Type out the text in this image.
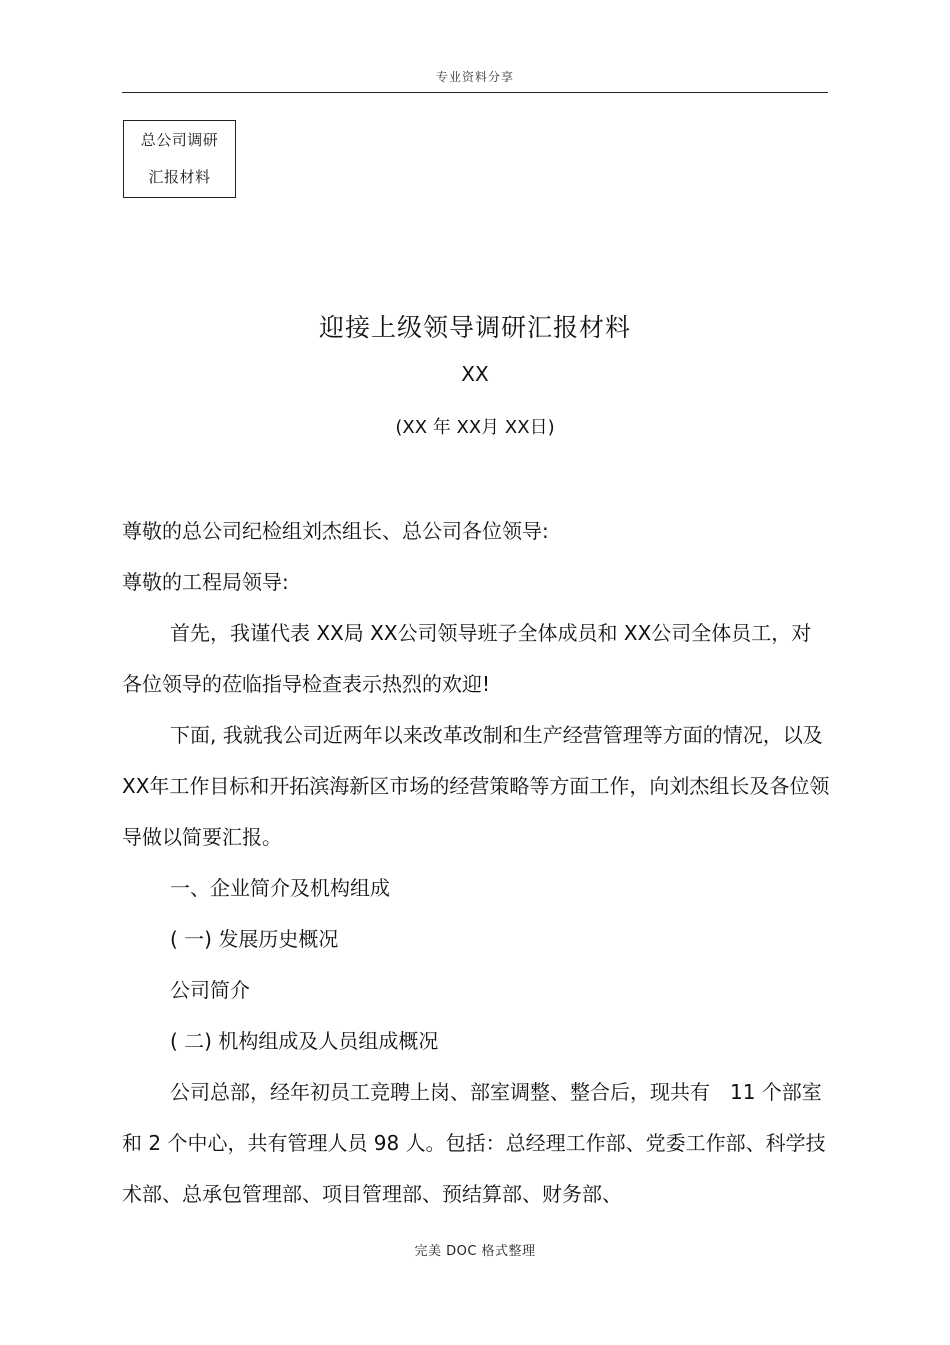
专业资料分享
总公司调研
汇报材料
迎接上级领导调研汇报材料
XX
(XX 年 XX月 XX日)

尊敬的总公司纪检组刘杰组长、总公司各位领导:

尊敬的工程局领导:

首先，我谨代表 XX局 XX公司领导班子全体成员和 XX公司全体员工，对各位领导的莅临指导检查表示热烈的欢迎!

下面, 我就我公司近两年以来改革改制和生产经营管理等方面的情况，以及 XX年工作目标和开拓滨海新区市场的经营策略等方面工作，向刘杰组长及各位领导做以简要汇报。

一、企业简介及机构组成

( 一) 发展历史概况

公司简介

( 二) 机构组成及人员组成概况

公司总部，经年初员工竞聘上岗、部室调整、整合后，现共有　11 个部室和 2 个中心，共有管理人员 98 人。包括：总经理工作部、党委工作部、科学技术部、总承包管理部、项目管理部、预结算部、财务部、

完美 DOC 格式整理
